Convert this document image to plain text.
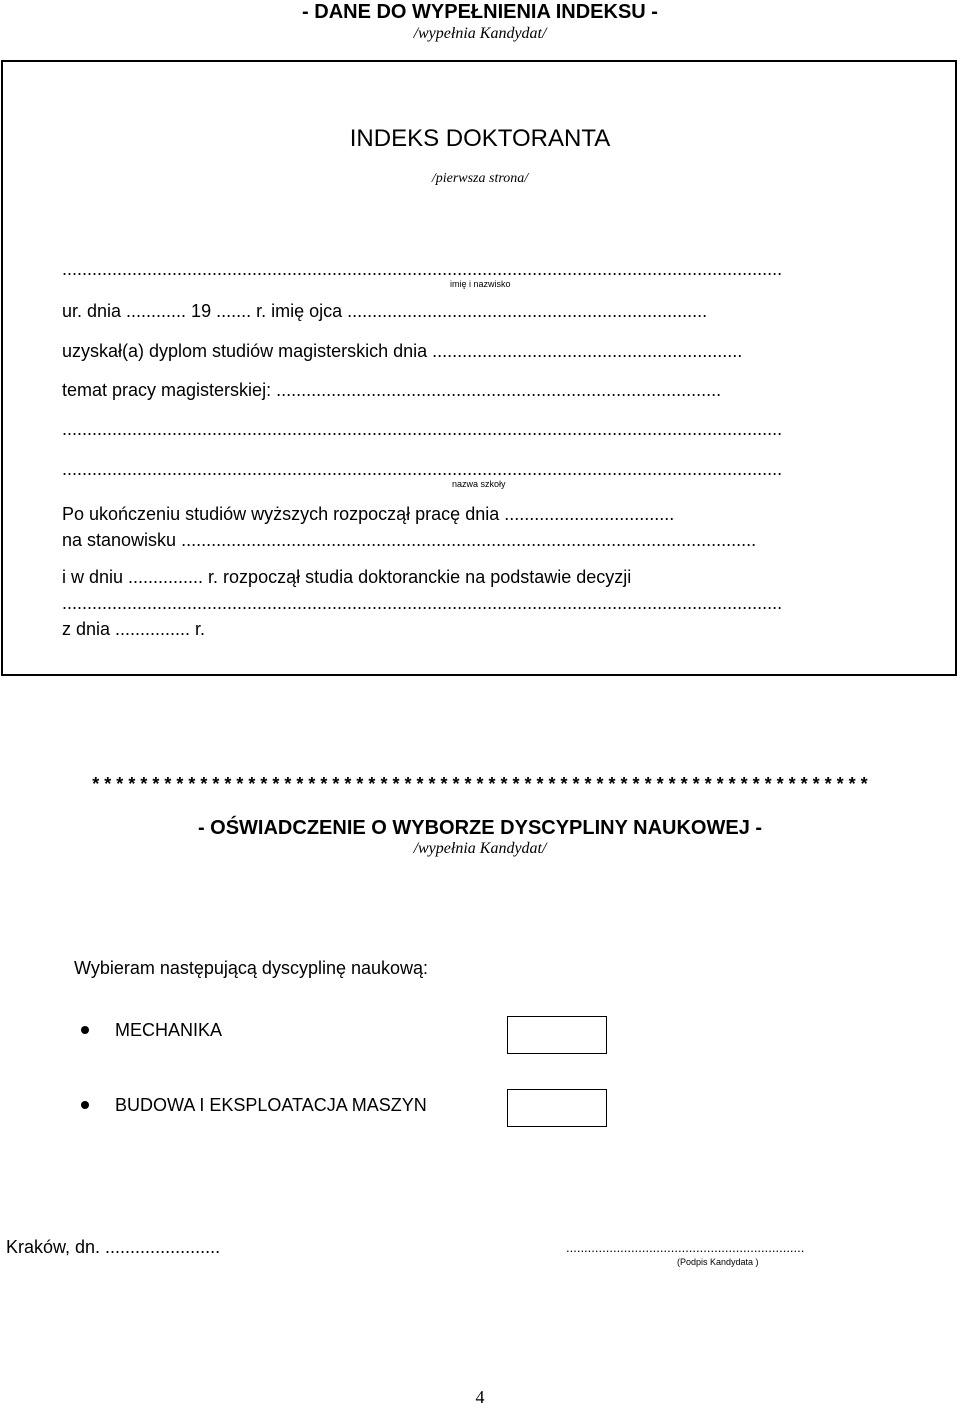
- DANE DO WYPEŁNIENIA INDEKSU -
/wypełnia Kandydat/
INDEKS DOKTORANTA
/pierwsza strona/
................................................................................................................................................
imię i nazwisko
ur. dnia ............ 19 ....... r. imię ojca ........................................................................
uzyskał(a) dyplom studiów magisterskich dnia ..............................................................
temat pracy magisterskiej: .........................................................................................
................................................................................................................................................
................................................................................................................................................
nazwa szkoły
Po ukończeniu studiów wyższych rozpoczął pracę dnia ..................................
na stanowisku ...................................................................................................................
i w dniu ............... r. rozpoczął studia doktoranckie na podstawie decyzji
................................................................................................................................................
z dnia ............... r.
* * * * * * * * * * * * * * * * * * * * * * * * * * * * * * * * * * * * * * * * * * * * * * * * * * * * * * * * * * * * * * * * *
- OŚWIADCZENIE O WYBORZE DYSCYPLINY NAUKOWEJ -
/wypełnia Kandydat/
Wybieram następującą dyscyplinę naukową:
MECHANIKA
BUDOWA I EKSPLOATACJA MASZYN
Kraków, dn. .......................	..................................................................
(Podpis Kandydata )
4
